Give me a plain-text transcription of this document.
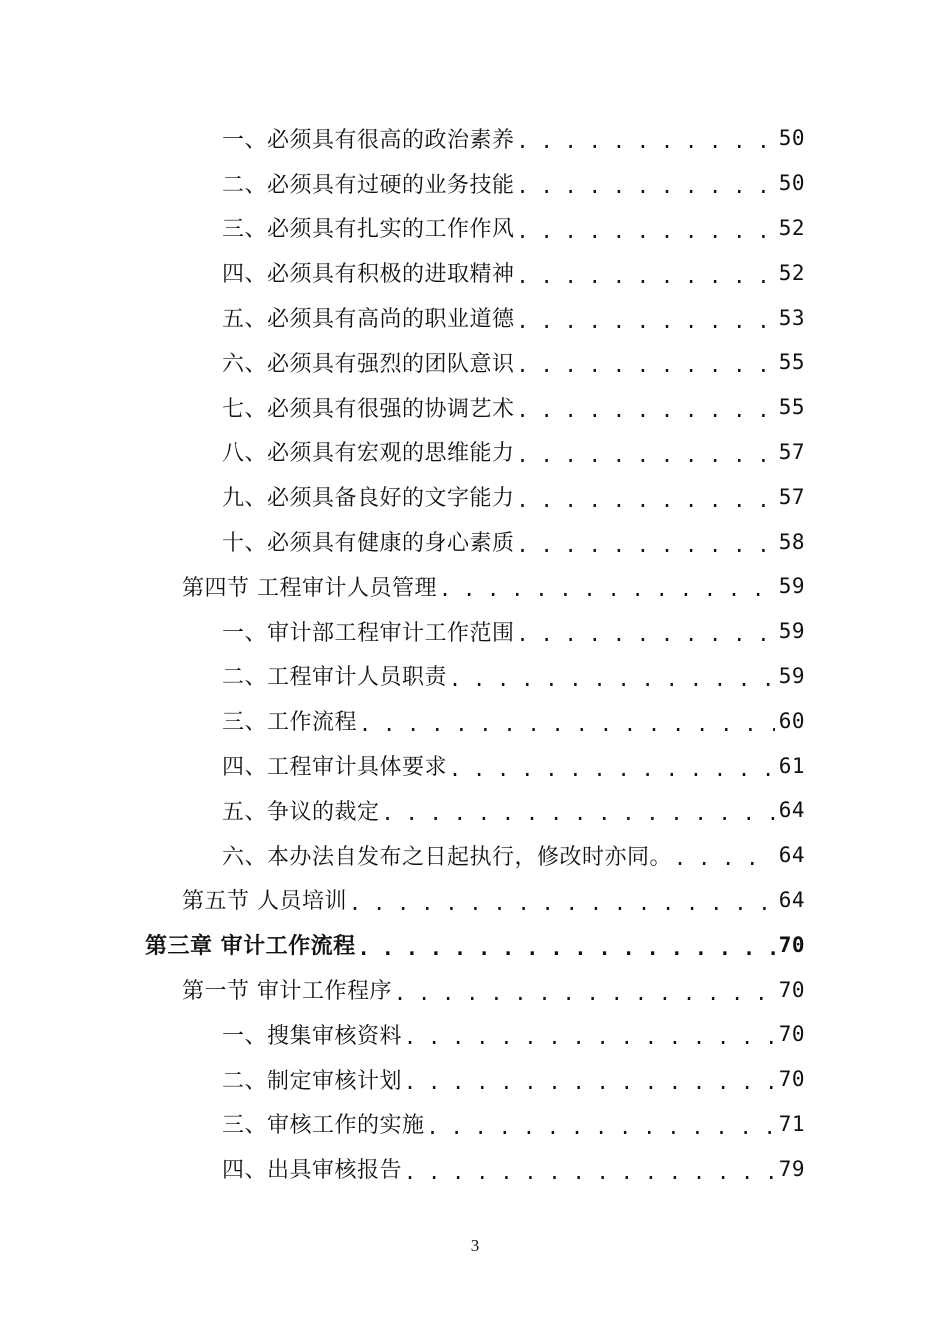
一、必须具有很高的政治素养 . . .	50
二、必须具有过硬的业务技能 . . .	50
三、必须具有扎实的工作作风 . . .	52
四、必须具有积极的进取精神 . . .	52
五、必须具有高尚的职业道德 . . .	53
六、必须具有强烈的团队意识 . . .	55
七、必须具有很强的协调艺术 . . .	55
八、必须具有宏观的思维能力 . . .	57
九、必须具备良好的文字能力 . . .	57
十、必须具有健康的身心素质 . . .	58
第四节 工程审计人员管理 . . .	59
一、审计部工程审计工作范围 . . .	59
二、工程审计人员职责 . . .	59
三、工作流程 . . .	60
四、工程审计具体要求 . . .	61
五、争议的裁定 . . .	64
六、本办法自发布之日起执行，修改时亦同。 . . .	64
第五节 人员培训 . . .	64
第三章 审计工作流程 . . .	70
第一节 审计工作程序 . . .	70
一、搜集审核资料 . . .	70
二、制定审核计划 . . .	70
三、审核工作的实施 . . .	71
四、出具审核报告 . . .	79
3
